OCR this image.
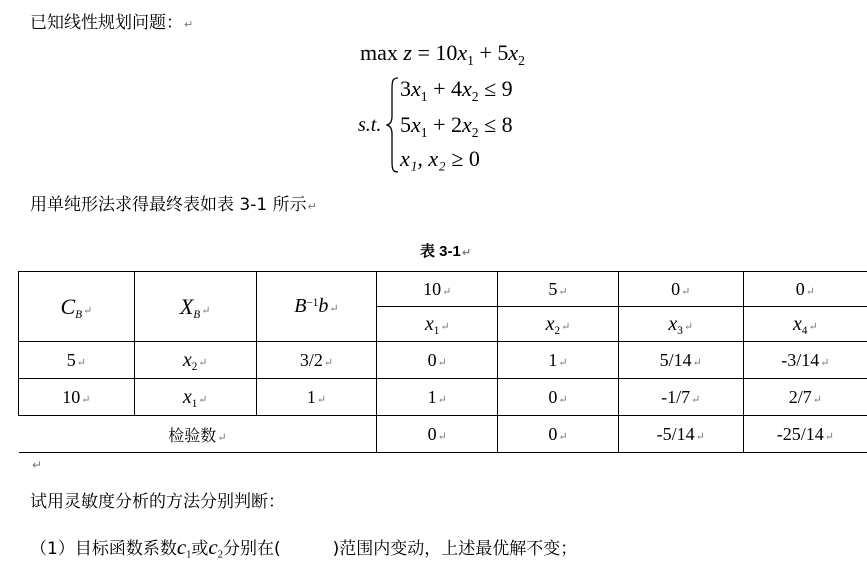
已知线性规划问题：↵
$\max z = 10x_1 + 5x_2$
s.t.
$3x_1 + 4x_2 \le 9$
$5x_1 + 2x_2 \le 8$
x₁, x₂ ≥ 0
用单纯形法求得最终表如表 3-1 所示↵
表 3-1↵
$C_B↵$	$X_B↵$	$B^{-1}b↵$	10↵	5↵	0↵	0↵
			$x_1↵$	$x_2↵$	$x_3↵$	$x_4↵$
5↵	$x_2↵$	3/2↵	0↵	1↵	5/14↵	-3/14↵
10↵	$x_1↵$	1↵	1↵	0↵	-1/7↵	2/7↵
检验数↵			0↵	0↵	-5/14↵	-25/14↵
↵
试用灵敏度分析的方法分别判断：
（1）目标函数系数$c_1$或$c_2$分别在(	)范围内变动，上述最优解不变；
